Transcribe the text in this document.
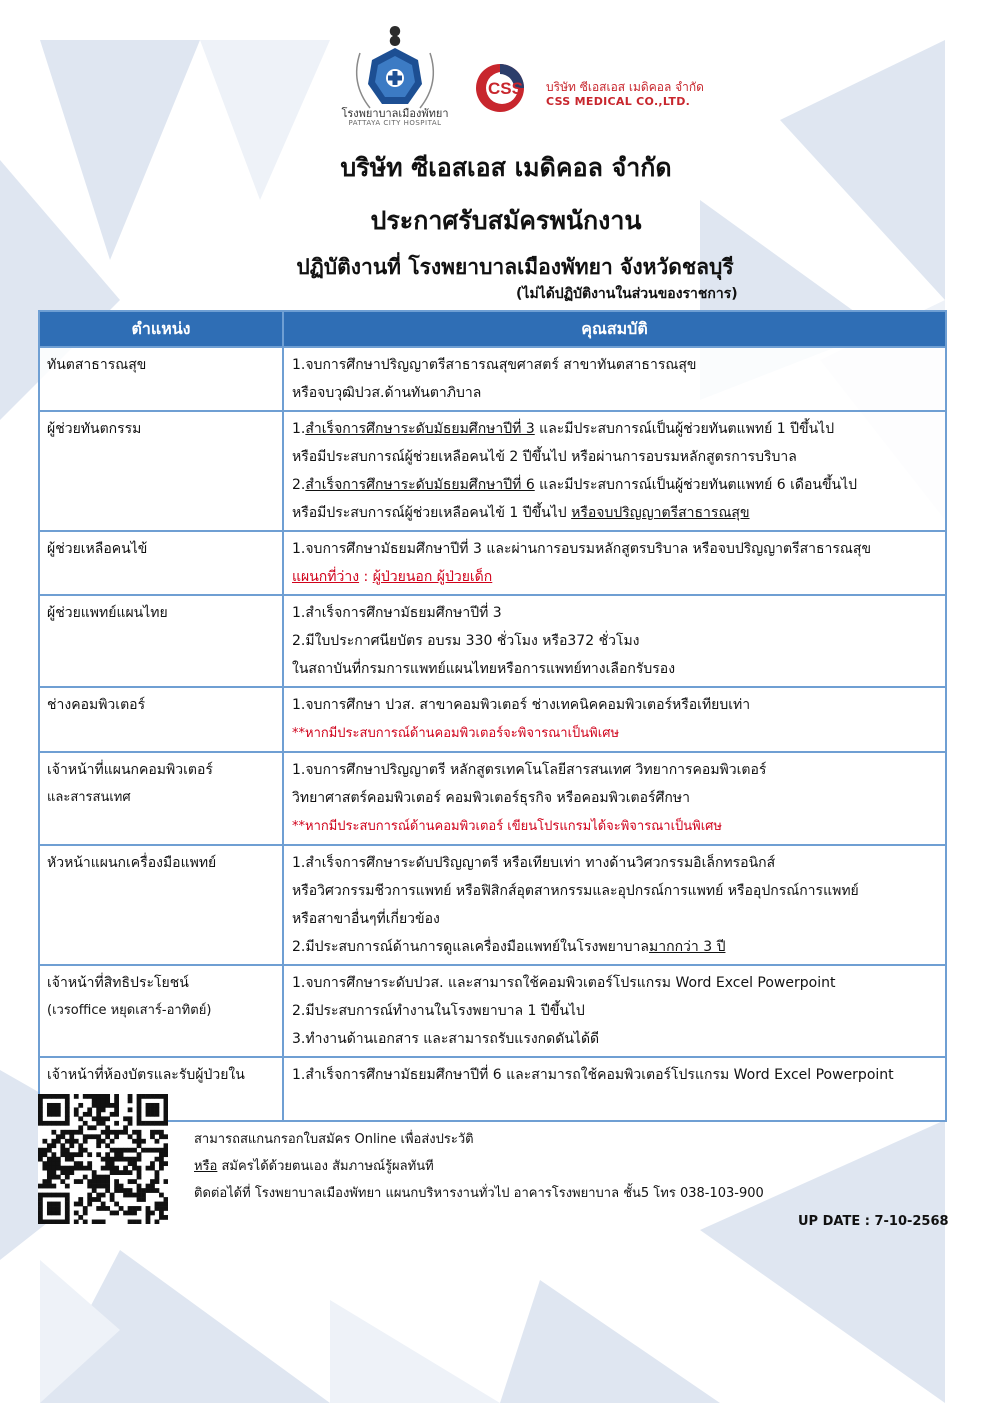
โรงพยาบาลเมืองพัทยา
PATTAYA CITY HOSPITAL
CSS บริษัท ซีเอสเอส เมดิคอล จำกัด
CSS MEDICAL CO.,LTD.
บริษัท ซีเอสเอส เมดิคอล จำกัด
ประกาศรับสมัครพนักงาน
ปฏิบัติงานที่ โรงพยาบาลเมืองพัทยา จังหวัดชลบุรี
(ไม่ได้ปฏิบัติงานในส่วนของราชการ)
ตำแหน่ง	คุณสมบัติ

ทันตสาธารณสุข	1.จบการศึกษาปริญญาตรีสาธารณสุขศาสตร์ สาขาทันตสาธารณสุข
หรือจบวุฒิปวส.ด้านทันตาภิบาล

ผู้ช่วยทันตกรรม	1.สำเร็จการศึกษาระดับมัธยมศึกษาปีที่ 3 และมีประสบการณ์เป็นผู้ช่วยทันตแพทย์ 1 ปีขึ้นไป
หรือมีประสบการณ์ผู้ช่วยเหลือคนไข้ 2 ปีขึ้นไป หรือผ่านการอบรมหลักสูตรการบริบาล
2.สำเร็จการศึกษาระดับมัธยมศึกษาปีที่ 6 และมีประสบการณ์เป็นผู้ช่วยทันตแพทย์ 6 เดือนขึ้นไป
หรือมีประสบการณ์ผู้ช่วยเหลือคนไข้ 1 ปีขึ้นไป หรือจบปริญญาตรีสาธารณสุข

ผู้ช่วยเหลือคนไข้	1.จบการศึกษามัธยมศึกษาปีที่ 3 และผ่านการอบรมหลักสูตรบริบาล หรือจบปริญญาตรีสาธารณสุข
แผนกที่ว่าง : ผู้ป่วยนอก ผู้ป่วยเด็ก

ผู้ช่วยแพทย์แผนไทย	1.สำเร็จการศึกษามัธยมศึกษาปีที่ 3
2.มีใบประกาศนียบัตร อบรม 330 ชั่วโมง หรือ372 ชั่วโมง
ในสถาบันที่กรมการแพทย์แผนไทยหรือการแพทย์ทางเลือกรับรอง

ช่างคอมพิวเตอร์	1.จบการศึกษา ปวส. สาขาคอมพิวเตอร์ ช่างเทคนิคคอมพิวเตอร์หรือเทียบเท่า
**หากมีประสบการณ์ด้านคอมพิวเตอร์จะพิจารณาเป็นพิเศษ

เจ้าหน้าที่แผนกคอมพิวเตอร์
และสารสนเทศ	1.จบการศึกษาปริญญาตรี หลักสูตรเทคโนโลยีสารสนเทศ วิทยาการคอมพิวเตอร์
วิทยาศาสตร์คอมพิวเตอร์ คอมพิวเตอร์ธุรกิจ หรือคอมพิวเตอร์ศึกษา
**หากมีประสบการณ์ด้านคอมพิวเตอร์ เขียนโปรแกรมได้จะพิจารณาเป็นพิเศษ

หัวหน้าแผนกเครื่องมือแพทย์	1.สำเร็จการศึกษาระดับปริญญาตรี หรือเทียบเท่า ทางด้านวิศวกรรมอิเล็กทรอนิกส์
หรือวิศวกรรมชีวการแพทย์ หรือฟิสิกส์อุตสาหกรรมและอุปกรณ์การแพทย์ หรืออุปกรณ์การแพทย์
หรือสาขาอื่นๆที่เกี่ยวข้อง
2.มีประสบการณ์ด้านการดูแลเครื่องมือแพทย์ในโรงพยาบาลมากกว่า 3 ปี

เจ้าหน้าที่สิทธิประโยชน์
(เวรoffice หยุดเสาร์-อาทิตย์)	1.จบการศึกษาระดับปวส. และสามารถใช้คอมพิวเตอร์โปรแกรม Word Excel Powerpoint
2.มีประสบการณ์ทำงานในโรงพยาบาล 1 ปีขึ้นไป
3.ทำงานด้านเอกสาร และสามารถรับแรงกดดันได้ดี

เจ้าหน้าที่ห้องบัตรและรับผู้ป่วยใน	1.สำเร็จการศึกษามัธยมศึกษาปีที่ 6 และสามารถใช้คอมพิวเตอร์โปรแกรม Word Excel Powerpoint
สามารถสแกนกรอกใบสมัคร Online เพื่อส่งประวัติ
หรือ สมัครได้ด้วยตนเอง สัมภาษณ์รู้ผลทันที
ติดต่อได้ที่ โรงพยาบาลเมืองพัทยา แผนกบริหารงานทั่วไป อาคารโรงพยาบาล ชั้น5 โทร 038-103-900
UP DATE : 7-10-2568
